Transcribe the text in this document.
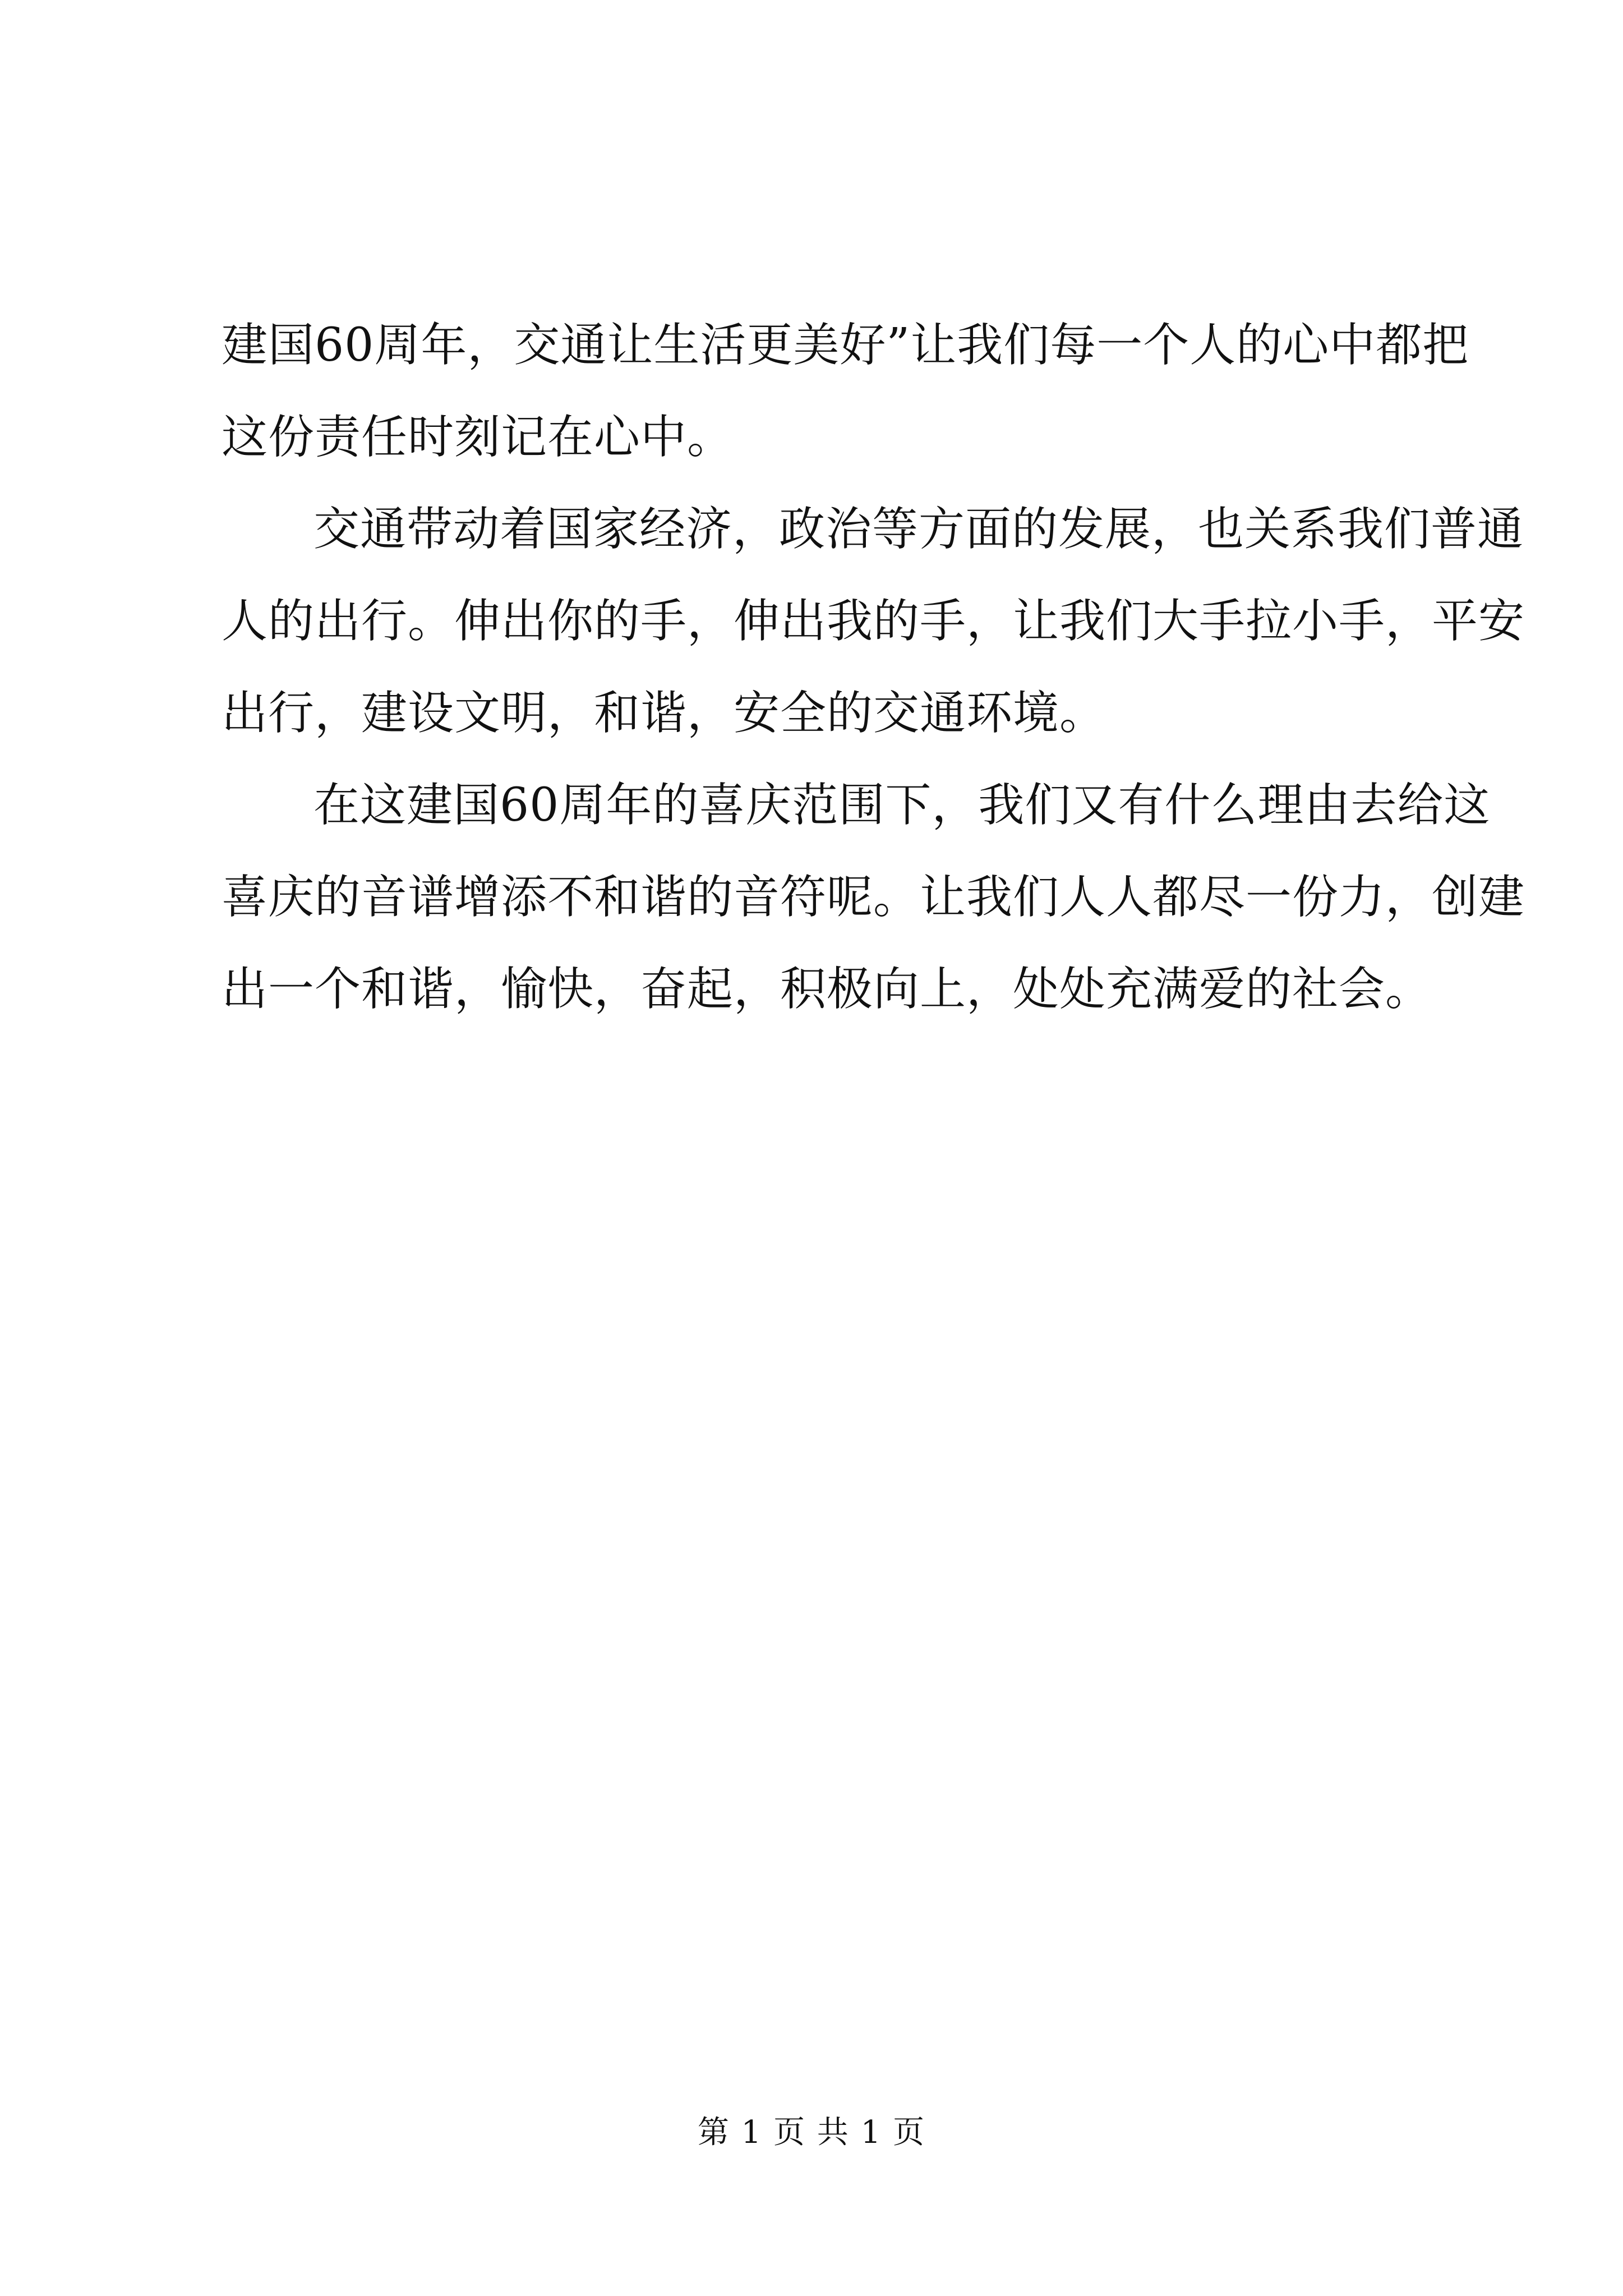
建国60周年，交通让生活更美好”让我们每一个人的心中都把
这份责任时刻记在心中。
交通带动着国家经济，政治等方面的发展，也关系我们普通
人的出行。伸出你的手，伸出我的手，让我们大手拉小手，平安
出行，建设文明，和谐，安全的交通环境。
在这建国60周年的喜庆范围下，我们又有什么理由去给这
喜庆的音谱增添不和谐的音符呢。让我们人人都尽一份力，创建
出一个和谐，愉快，奋起，积极向上，处处充满爱的社会。
第 1 页 共 1 页
